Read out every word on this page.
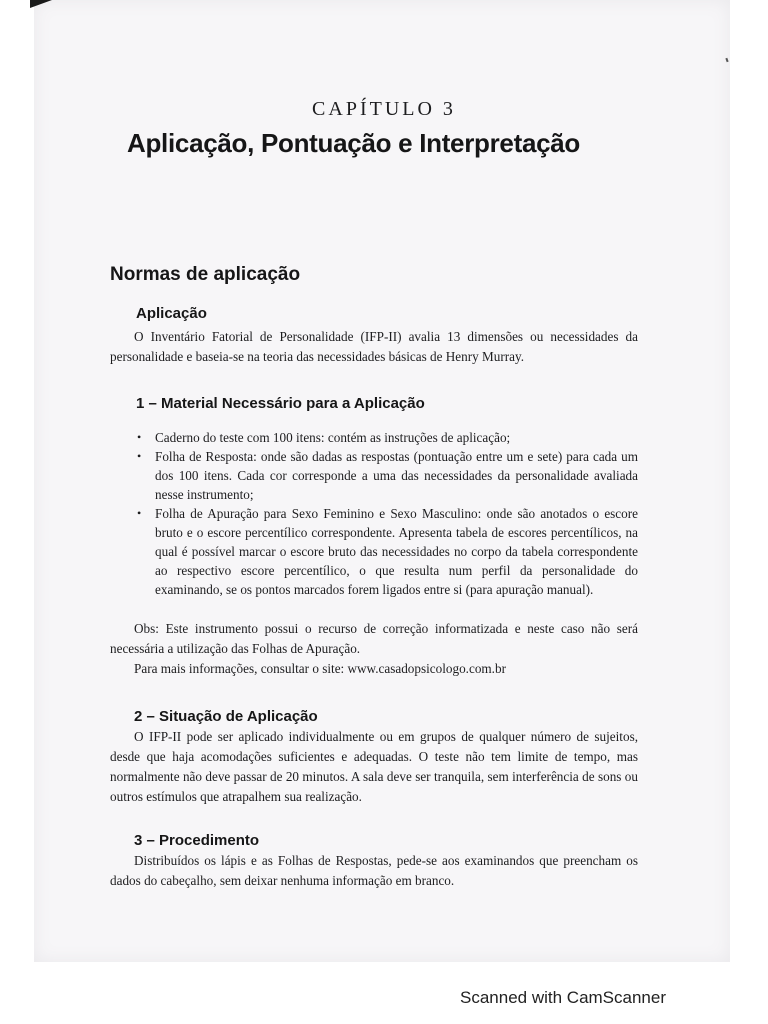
CAPÍTULO 3
Aplicação, Pontuação e Interpretação
Normas de aplicação
Aplicação

O Inventário Fatorial de Personalidade (IFP-II) avalia 13 dimensões ou necessidades da personalidade e baseia-se na teoria das necessidades básicas de Henry Murray.

1 – Material Necessário para a Aplicação
• Caderno do teste com 100 itens: contém as instruções de aplicação;
• Folha de Resposta: onde são dadas as respostas (pontuação entre um e sete) para cada um dos 100 itens. Cada cor corresponde a uma das necessidades da personalidade avaliada nesse instrumento;
• Folha de Apuração para Sexo Feminino e Sexo Masculino: onde são anotados o escore bruto e o escore percentílico correspondente. Apresenta tabela de escores percentílicos, na qual é possível marcar o escore bruto das necessidades no corpo da tabela correspondente ao respectivo escore percentílico, o que resulta num perfil da personalidade do examinando, se os pontos marcados forem ligados entre si (para apuração manual).

Obs: Este instrumento possui o recurso de correção informatizada e neste caso não será necessária a utilização das Folhas de Apuração.

Para mais informações, consultar o site: www.casadopsicologo.com.br

2 – Situação de Aplicação

O IFP-II pode ser aplicado individualmente ou em grupos de qualquer número de sujeitos, desde que haja acomodações suficientes e adequadas. O teste não tem limite de tempo, mas normalmente não deve passar de 20 minutos. A sala deve ser tranquila, sem interferência de sons ou outros estímulos que atrapalhem sua realização.

3 – Procedimento

Distribuídos os lápis e as Folhas de Respostas, pede-se aos examinandos que preencham os dados do cabeçalho, sem deixar nenhuma informação em branco.

Scanned with CamScanner
